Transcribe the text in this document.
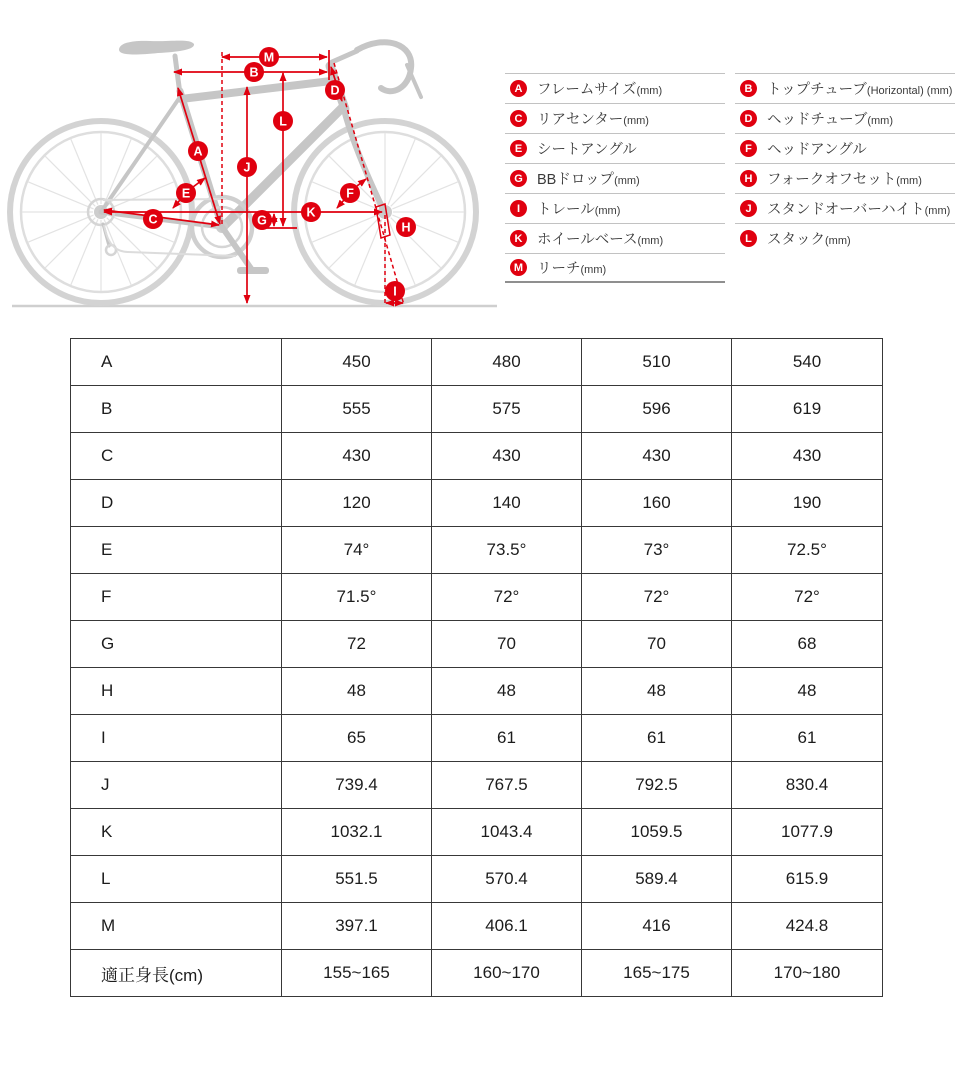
A
B
C
D
E	F
G	H
I
J
K
L
M
A	フレームサイズ(mm)
C	リアセンター(mm)
E	シートアングル
G BBドロップ(mm)
I	トレール(mm)
K	ホイールベース(mm)
M リーチ(mm)
B	トップチューブ(Horizontal) (mm)
D	ヘッドチューブ(mm)
F	ヘッドアングル
H	フォークオフセット(mm)
J	スタンドオーバーハイト(mm)
L	スタック(mm)
A	450	480	510	540
B	555	575	596	619
C	430	430	430	430
D	120	140	160	190
E	74°	73.5°	73°	72.5°
F	71.5°	72°	72°	72°
G	72	70	70	68
H	48	48	48	48
I	65	61	61	61
J	739.4	767.5	792.5	830.4
K	1032.1	1043.4	1059.5	1077.9
L	551.5	570.4	589.4	615.9
M	397.1	406.1	416	424.8
適正身長(cm)	155~165	160~170	165~175	170~180
